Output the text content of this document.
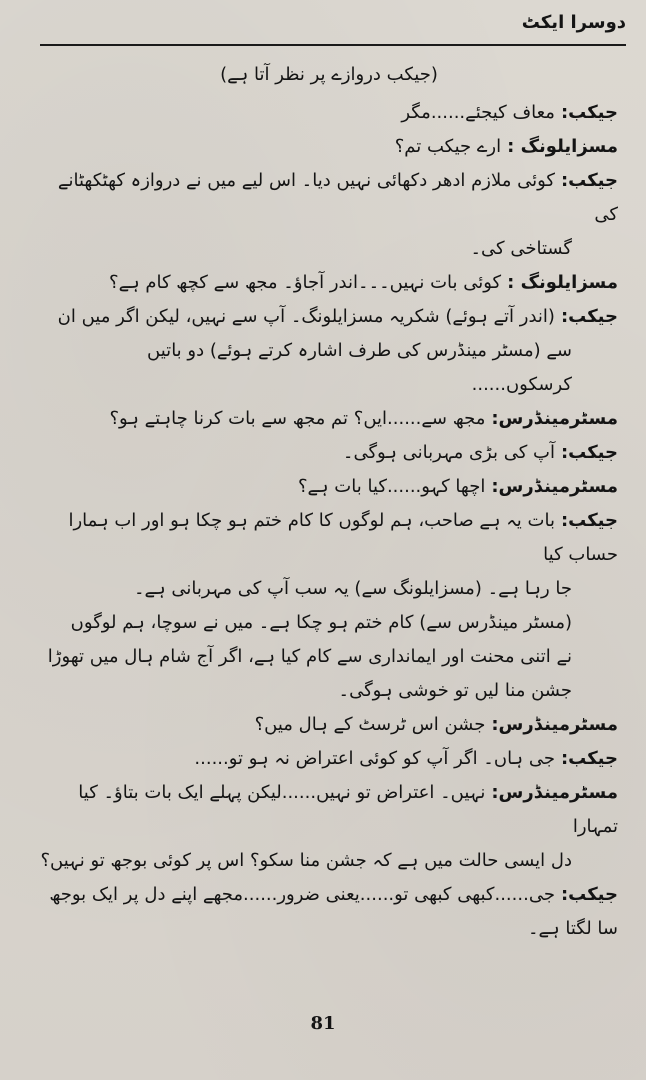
دوسرا ایکٹ
(جیکب دروازے پر نظر آتا ہے)

جیکب:معاف کیجئے......مگر

مسزایلونگ :ارے جیکب تم؟

جیکب:کوئی ملازم ادھر دکھائی نہیں دیا۔ اس لیے میں نے دروازہ کھٹکھٹانے کی

گستاخی کی۔

مسزایلونگ :کوئی بات نہیں۔۔۔اندر آجاؤ۔ مجھ سے کچھ کام ہے؟

جیکب:(اندر آتے ہوئے) شکریہ مسزایلونگ۔ آپ سے نہیں، لیکن اگر میں ان

سے (مسٹر مینڈرس کی طرف اشارہ کرتے ہوئے) دو باتیں

کرسکوں......

مسٹرمینڈرس:مجھ سے......ایں؟ تم مجھ سے بات کرنا چاہتے ہو؟

جیکب:آپ کی بڑی مہربانی ہوگی۔

مسٹرمینڈرس:اچھا کہو......کیا بات ہے؟

جیکب:بات یہ ہے صاحب، ہم لوگوں کا کام ختم ہو چکا ہو اور اب ہمارا حساب کیا

جا رہا ہے۔ (مسزایلونگ سے) یہ سب آپ کی مہربانی ہے۔

(مسٹر مینڈرس سے) کام ختم ہو چکا ہے۔ میں نے سوچا، ہم لوگوں

نے اتنی محنت اور ایمانداری سے کام کیا ہے، اگر آج شام ہال میں تھوڑا

جشن منا لیں تو خوشی ہوگی۔

مسٹرمینڈرس:جشن اس ٹرسٹ کے ہال میں؟

جیکب:جی ہاں۔ اگر آپ کو کوئی اعتراض نہ ہو تو......

مسٹرمینڈرس:نہیں۔ اعتراض تو نہیں......لیکن پہلے ایک بات بتاؤ۔ کیا تمہارا

دل ایسی حالت میں ہے کہ جشن منا سکو؟ اس پر کوئی بوجھ تو نہیں؟

جیکب:جی......کبھی کبھی تو......یعنی ضرور......مجھے اپنے دل پر ایک بوجھ سا لگتا ہے۔

81
